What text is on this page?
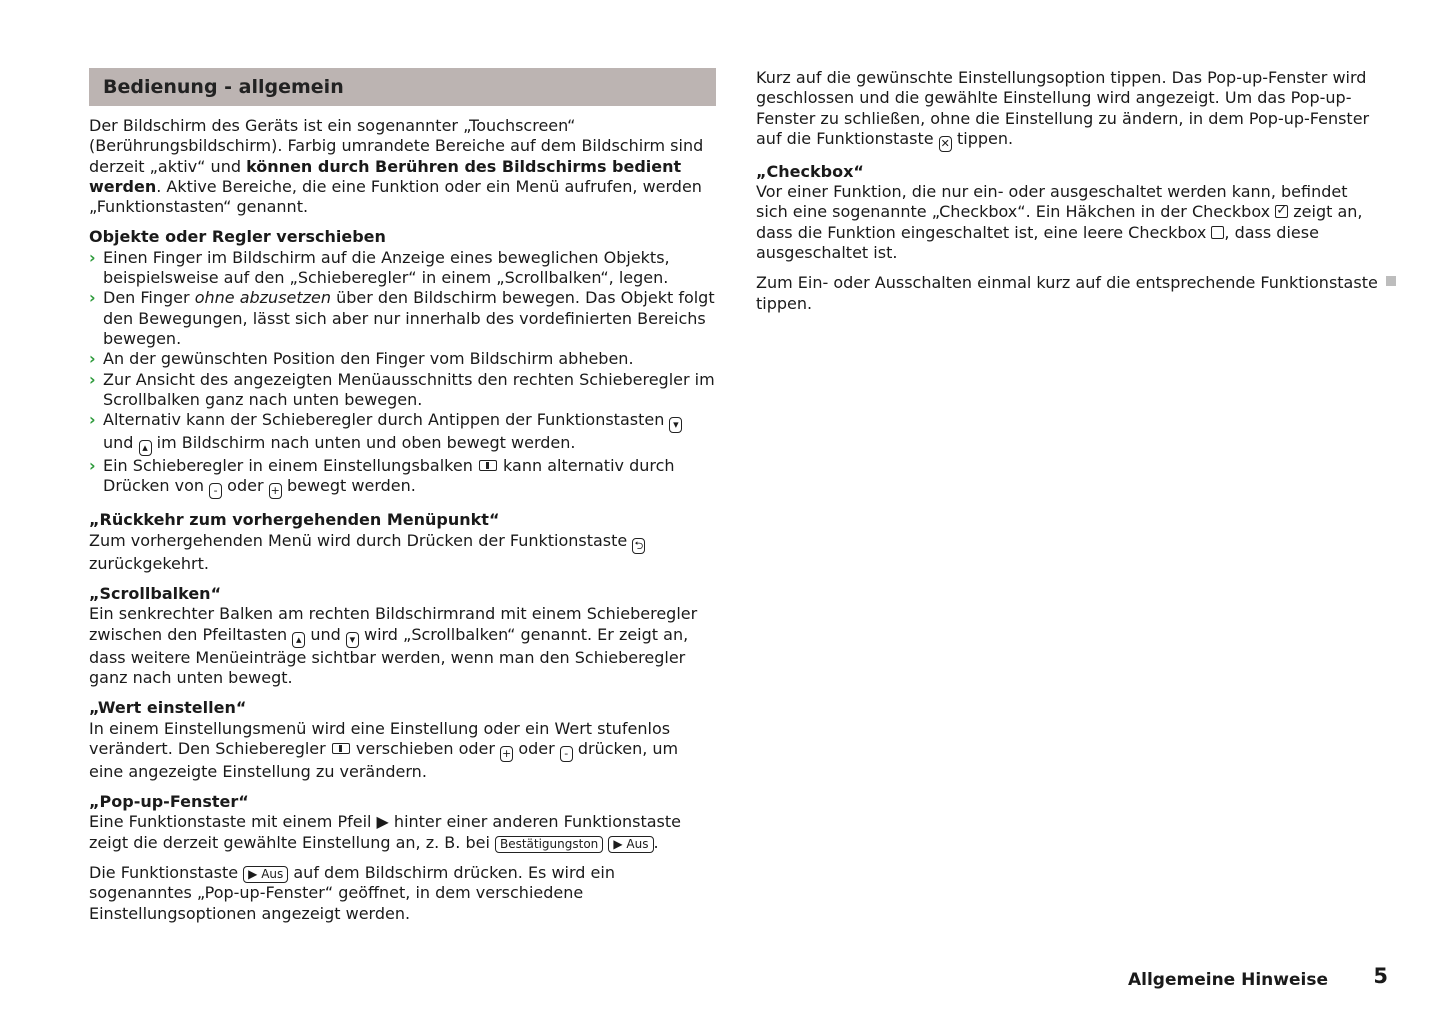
Bedienung - allgemein

Der Bildschirm des Geräts ist ein sogenannter „Touchscreen“ (Berührungsbildschirm). Farbig umrandete Bereiche auf dem Bildschirm sind derzeit „aktiv“ und können durch Berühren des Bildschirms bedient werden. Aktive Bereiche, die eine Funktion oder ein Menü aufrufen, werden „Funktionstasten“ genannt.

Objekte oder Regler verschieben
› Einen Finger im Bildschirm auf die Anzeige eines beweglichen Objekts, beispielsweise auf den „Schieberegler“ in einem „Scrollbalken“, legen.
› Den Finger ohne abzusetzen über den Bildschirm bewegen. Das Objekt folgt den Bewegungen, lässt sich aber nur innerhalb des vordefinierten Bereichs bewegen.
› An der gewünschten Position den Finger vom Bildschirm abheben.
› Zur Ansicht des angezeigten Menüausschnitts den rechten Schieberegler im Scrollbalken ganz nach unten bewegen.
› Alternativ kann der Schieberegler durch Antippen der Funktionstasten ▾ und ▴ im Bildschirm nach unten und oben bewegt werden.
› Ein Schieberegler in einem Einstellungsbalken  kann alternativ durch Drücken von - oder + bewegt werden.
„Rückkehr zum vorhergehenden Menüpunkt“

Zum vorhergehenden Menü wird durch Drücken der Funktionstaste ⮌ zurückgekehrt.

„Scrollbalken“

Ein senkrechter Balken am rechten Bildschirmrand mit einem Schieberegler zwischen den Pfeiltasten ▴ und ▾ wird „Scrollbalken“ genannt. Er zeigt an, dass weitere Menüeinträge sichtbar werden, wenn man den Schieberegler ganz nach unten bewegt.

„Wert einstellen“

In einem Einstellungsmenü wird eine Einstellung oder ein Wert stufenlos verändert. Den Schieberegler  verschieben oder + oder - drücken, um eine angezeigte Einstellung zu verändern.

„Pop-up-Fenster“

Eine Funktionstaste mit einem Pfeil ▶ hinter einer anderen Funktionstaste zeigt die derzeit gewählte Einstellung an, z. B. bei Bestätigungston ▶ Aus .

Die Funktionstaste ▶ Aus auf dem Bildschirm drücken. Es wird ein sogenanntes „Pop-up-Fenster“ geöffnet, in dem verschiedene Einstellungsoptionen angezeigt werden.

Kurz auf die gewünschte Einstellungsoption tippen. Das Pop-up-Fenster wird geschlossen und die gewählte Einstellung wird angezeigt. Um das Pop-up-Fenster zu schließen, ohne die Einstellung zu ändern, in dem Pop-up-Fenster auf die Funktionstaste ✕ tippen.

„Checkbox“

Vor einer Funktion, die nur ein- oder ausgeschaltet werden kann, befindet sich eine sogenannte „Checkbox“. Ein Häkchen in der Checkbox ✓ zeigt an, dass die Funktion eingeschaltet ist, eine leere Checkbox , dass diese ausgeschaltet ist.

Zum Ein- oder Ausschalten einmal kurz auf die entsprechende Funktionstaste tippen.

Allgemeine Hinweise 5
